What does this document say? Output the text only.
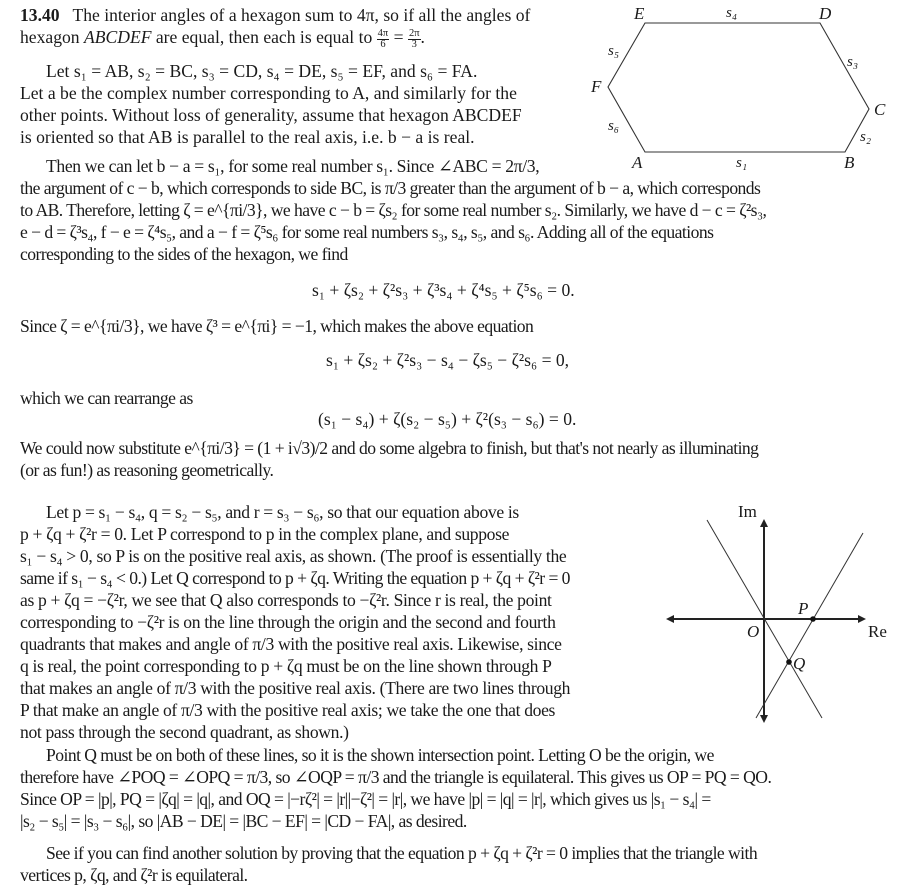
13.40 The interior angles of a hexagon sum to 4π, so if all the angles of
hexagon ABCDEF are equal, then each is equal to $\frac{4\pi}{6} = \frac{2\pi}{3}$ .
Let s₁ = AB, s₂ = BC, s₃ = CD, s₄ = DE, s₅ = EF, and s₆ = FA.
Let a be the complex number corresponding to A, and similarly for the
other points. Without loss of generality, assume that hexagon ABCDEF
is oriented so that AB is parallel to the real axis, i.e. b − a is real.
Then we can let b − a = s₁, for some real number s₁. Since ∠ABC = 2π/3,
the argument of c − b, which corresponds to side BC, is π/3 greater than the argument of b − a, which corresponds
to AB. Therefore, letting ζ = e^{πi/3}, we have c − b = ζs₂ for some real number s₂. Similarly, we have d − c = ζ²s₃,
e − d = ζ³s₄, f − e = ζ⁴s₅, and a − f = ζ⁵s₆ for some real numbers s₃, s₄, s₅, and s₆. Adding all of the equations
corresponding to the sides of the hexagon, we find
s₁ + ζs₂ + ζ²s₃ + ζ³s₄ + ζ⁴s₅ + ζ⁵s₆ = 0.
Since ζ = e^{πi/3}, we have ζ³ = e^{πi} = −1, which makes the above equation
s₁ + ζs₂ + ζ²s₃ − s₄ − ζs₅ − ζ²s₆ = 0,
which we can rearrange as
(s₁ − s₄) + ζ(s₂ − s₅) + ζ²(s₃ − s₆) = 0.
We could now substitute e^{πi/3} = (1 + i√3)/2 and do some algebra to finish, but that's not nearly as illuminating
(or as fun!) as reasoning geometrically.
Let p = s₁ − s₄, q = s₂ − s₅, and r = s₃ − s₆, so that our equation above is
p + ζq + ζ²r = 0. Let P correspond to p in the complex plane, and suppose
s₁ − s₄ > 0, so P is on the positive real axis, as shown. (The proof is essentially the
same if s₁ − s₄ < 0.) Let Q correspond to p + ζq. Writing the equation p + ζq + ζ²r = 0
as p + ζq = −ζ²r, we see that Q also corresponds to −ζ²r. Since r is real, the point
corresponding to −ζ²r is on the line through the origin and the second and fourth
quadrants that makes and angle of π/3 with the positive real axis. Likewise, since
q is real, the point corresponding to p + ζq must be on the line shown through P
that makes an angle of π/3 with the positive real axis. (There are two lines through
P that make an angle of π/3 with the positive real axis; we take the one that does
not pass through the second quadrant, as shown.)
Point Q must be on both of these lines, so it is the shown intersection point. Letting O be the origin, we
therefore have ∠POQ = ∠OPQ = π/3, so ∠OQP = π/3 and the triangle is equilateral. This gives us OP = PQ = QO.
Since OP = |p|, PQ = |ζq| = |q|, and OQ = |−rζ²| = |r||−ζ²| = |r|, we have |p| = |q| = |r|, which gives us |s₁ − s₄| =
|s₂ − s₅| = |s₃ − s₆|, so |AB − DE| = |BC − EF| = |CD − FA|, as desired.
See if you can find another solution by proving that the equation p + ζq + ζ²r = 0 implies that the triangle with
vertices p, ζq, and ζ²r is equilateral.
A	B
C
D
E
F
s₁
s₂
s₃
s₄
s₅
s₆
Im
Re
O
P
Q
